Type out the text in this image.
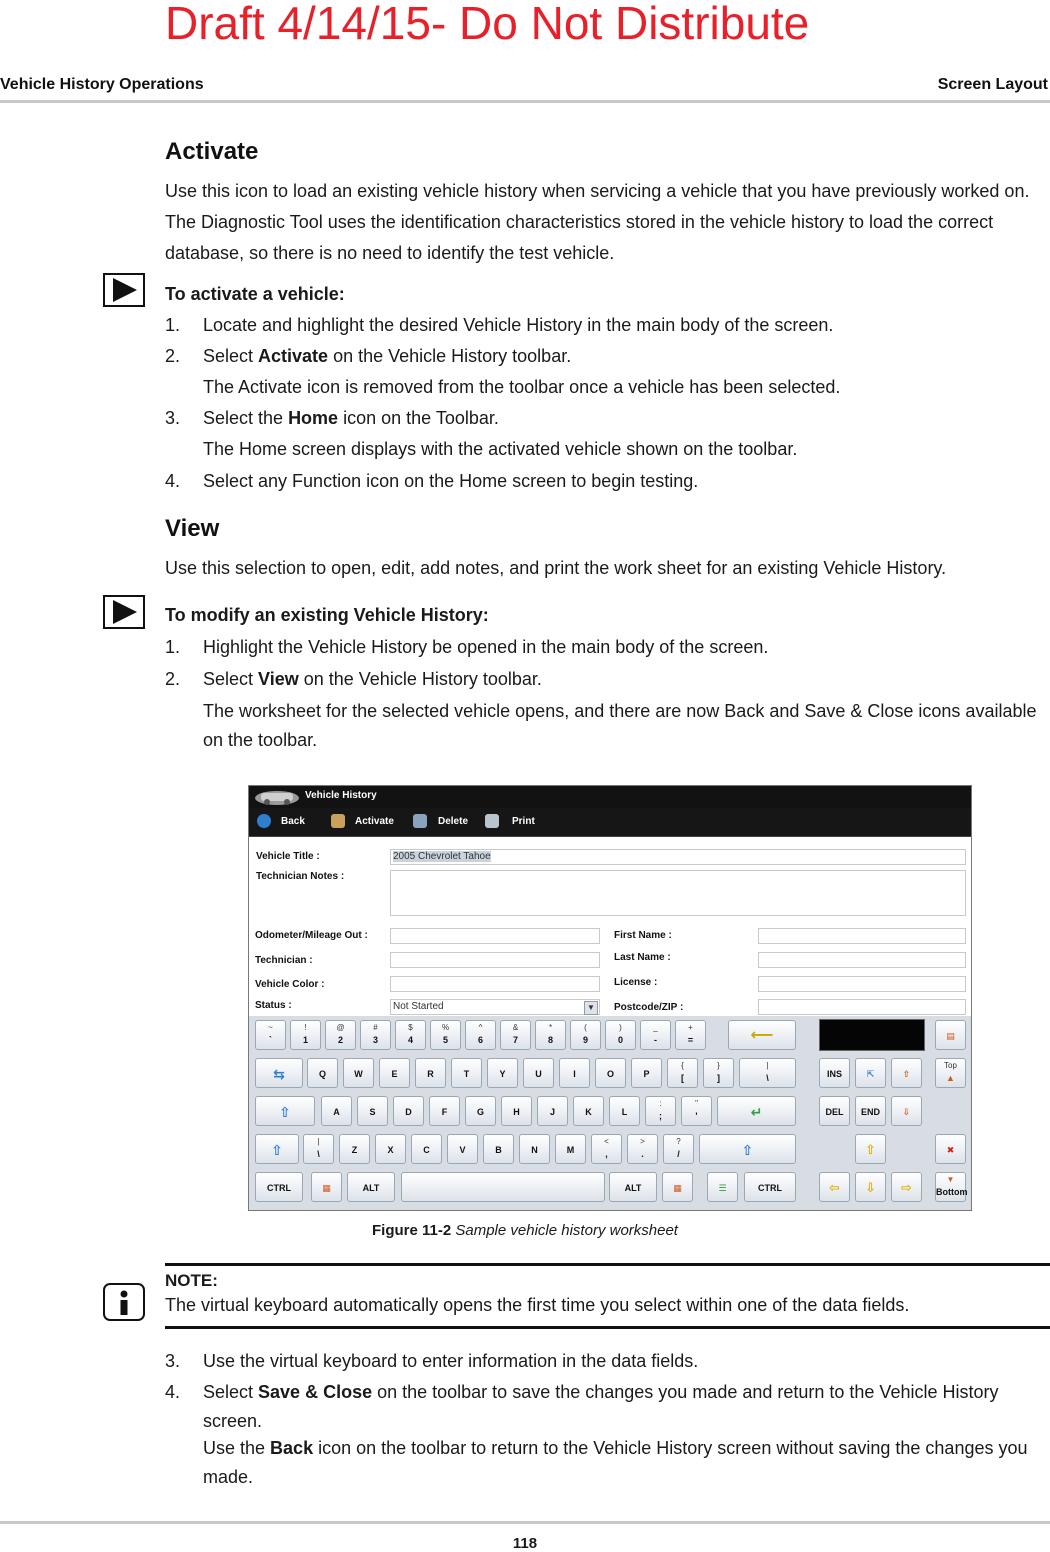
Draft 4/14/15- Do Not Distribute
Vehicle History Operations	Screen Layout
Activate
Use this icon to load an existing vehicle history when servicing a vehicle that you have previously worked on. The Diagnostic Tool uses the identification characteristics stored in the vehicle history to load the correct database, so there is no need to identify the test vehicle.
To activate a vehicle:
1. Locate and highlight the desired Vehicle History in the main body of the screen.
2. Select Activate on the Vehicle History toolbar.
The Activate icon is removed from the toolbar once a vehicle has been selected.
3. Select the Home icon on the Toolbar.
The Home screen displays with the activated vehicle shown on the toolbar.
4. Select any Function icon on the Home screen to begin testing.
View
Use this selection to open, edit, add notes, and print the work sheet for an existing Vehicle History.
To modify an existing Vehicle History:
1. Highlight the Vehicle History be opened in the main body of the screen.
2. Select View on the Vehicle History toolbar.
The worksheet for the selected vehicle opens, and there are now Back and Save & Close icons available on the toolbar.
Vehicle History
Back	Activate	Delete	Print
Vehicle Title :	2005 Chevrolet Tahoe
Technician Notes :
Odometer/Mileage Out :
Technician :
Vehicle Color :
Status :	Not Started	▼
First Name :
Last Name :
License :
Postcode/ZIP :
~
`
!
1
@
2
#
3
$
4
%
5
^
6
&
7
*
8
(
9
)
0
_
-
+
=	⟵
⇆	Q	W	E	R	T	Y	U	I	O	P
{
[
}
]
|
\
⇧	A	S	D	F	G	H	J	K	L
:
;
"
'	↵
⇧
|
\	Z	X	C	V	B	N	M
<
,
>
.
?
/	⇧
CTRL	▦	ALT	ALT	▦	☰	CTRL
▤
INS	⇱	⇧
Top
▲
DEL	END	⇩
✖
⇧
⇦	⇩	⇨
▼
Bottom
Figure 11-2 Sample vehicle history worksheet
NOTE:
The virtual keyboard automatically opens the first time you select within one of the data fields.
3. Use the virtual keyboard to enter information in the data fields.
4. Select Save & Close on the toolbar to save the changes you made and return to the Vehicle History screen.
Use the Back icon on the toolbar to return to the Vehicle History screen without saving the changes you made.
118
